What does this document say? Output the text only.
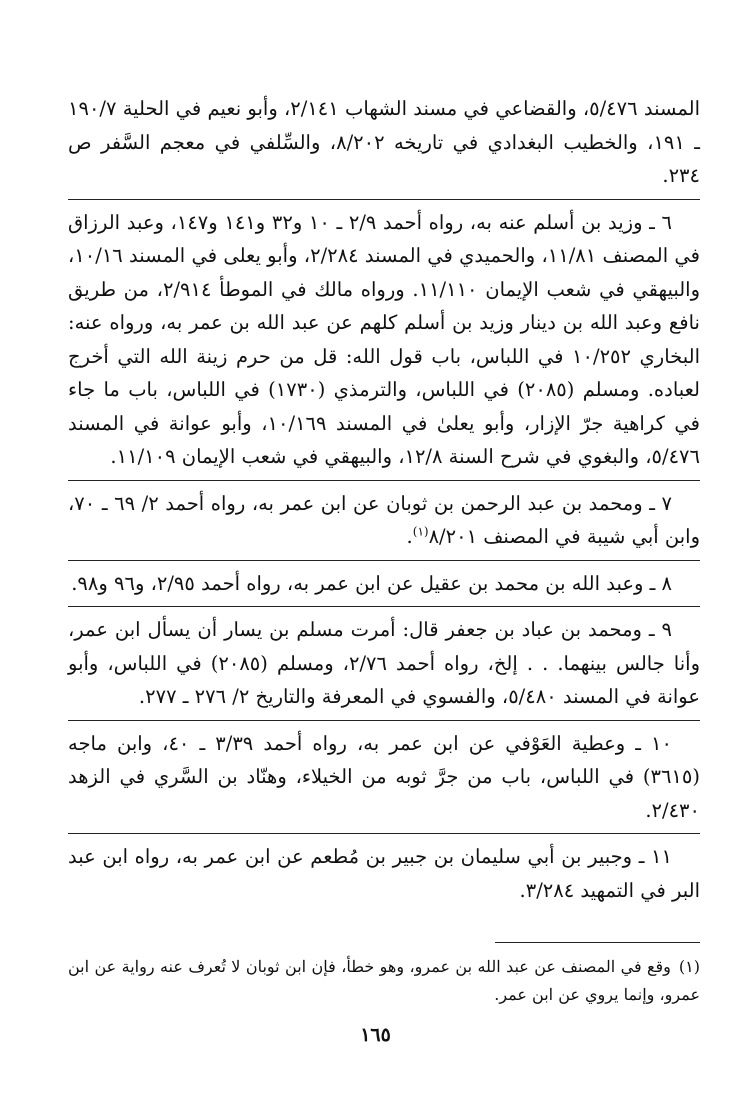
المسند ٥/٤٧٦، والقضاعي في مسند الشهاب ٢/١٤١، وأبو نعيم في الحلية ١٩٠/٧ ـ ١٩١، والخطيب البغدادي في تاريخه ٨/٢٠٢، والسِّلفي في معجم السَّفر ص ٢٣٤.

٦ ـ وزيد بن أسلم عنه به، رواه أحمد ٢/٩ ـ ١٠ و٣٢ و١٤١ و١٤٧، وعبد الرزاق في المصنف ١١/٨١، والحميدي في المسند ٢/٢٨٤، وأبو يعلى في المسند ١٠/١٦، والبيهقي في شعب الإيمان ١١/١١٠. ورواه مالك في الموطأ ٢/٩١٤، من طريق نافع وعبد الله بن دينار وزيد بن أسلم كلهم عن عبد الله بن عمر به، ورواه عنه: البخاري ١٠/٢٥٢ في اللباس، باب قول الله: قل من حرم زينة الله التي أخرج لعباده. ومسلم (٢٠٨٥) في اللباس، والترمذي (١٧٣٠) في اللباس، باب ما جاء في كراهية جرّ الإزار، وأبو يعلىٰ في المسند ١٠/١٦٩، وأبو عوانة في المسند ٥/٤٧٦، والبغوي في شرح السنة ١٢/٨، والبيهقي في شعب الإيمان ١١/١٠٩.

٧ ـ ومحمد بن عبد الرحمن بن ثوبان عن ابن عمر به، رواه أحمد ٢/ ٦٩ ـ ٧٠، وابن أبي شيبة في المصنف ٨/٢٠١$^{(١)}$.

٨ ـ وعبد الله بن محمد بن عقيل عن ابن عمر به، رواه أحمد ٢/٩٥، و٩٦ و٩٨.

٩ ـ ومحمد بن عباد بن جعفر قال: أمرت مسلم بن يسار أن يسأل ابن عمر، وأنا جالس بينهما. . . إلخ، رواه أحمد ٢/٧٦، ومسلم (٢٠٨٥) في اللباس، وأبو عوانة في المسند ٥/٤٨٠، والفسوي في المعرفة والتاريخ ٢/ ٢٧٦ ـ ٢٧٧.

١٠ ـ وعطية العَوْفي عن ابن عمر به، رواه أحمد ٣/٣٩ ـ ٤٠، وابن ماجه (٣٦١٥) في اللباس، باب من جرَّ ثوبه من الخيلاء، وهنّاد بن السَّري في الزهد ٢/٤٣٠.

١١ ـ وجبير بن أبي سليمان بن جبير بن مُطعم عن ابن عمر به، رواه ابن عبد البر في التمهيد ٣/٢٨٤.

(١)وقع في المصنف عن عبد الله بن عمرو، وهو خطأ، فإن ابن ثوبان لا تُعرف عنه رواية عن ابن عمرو، وإنما يروي عن ابن عمر.

١٦٥
